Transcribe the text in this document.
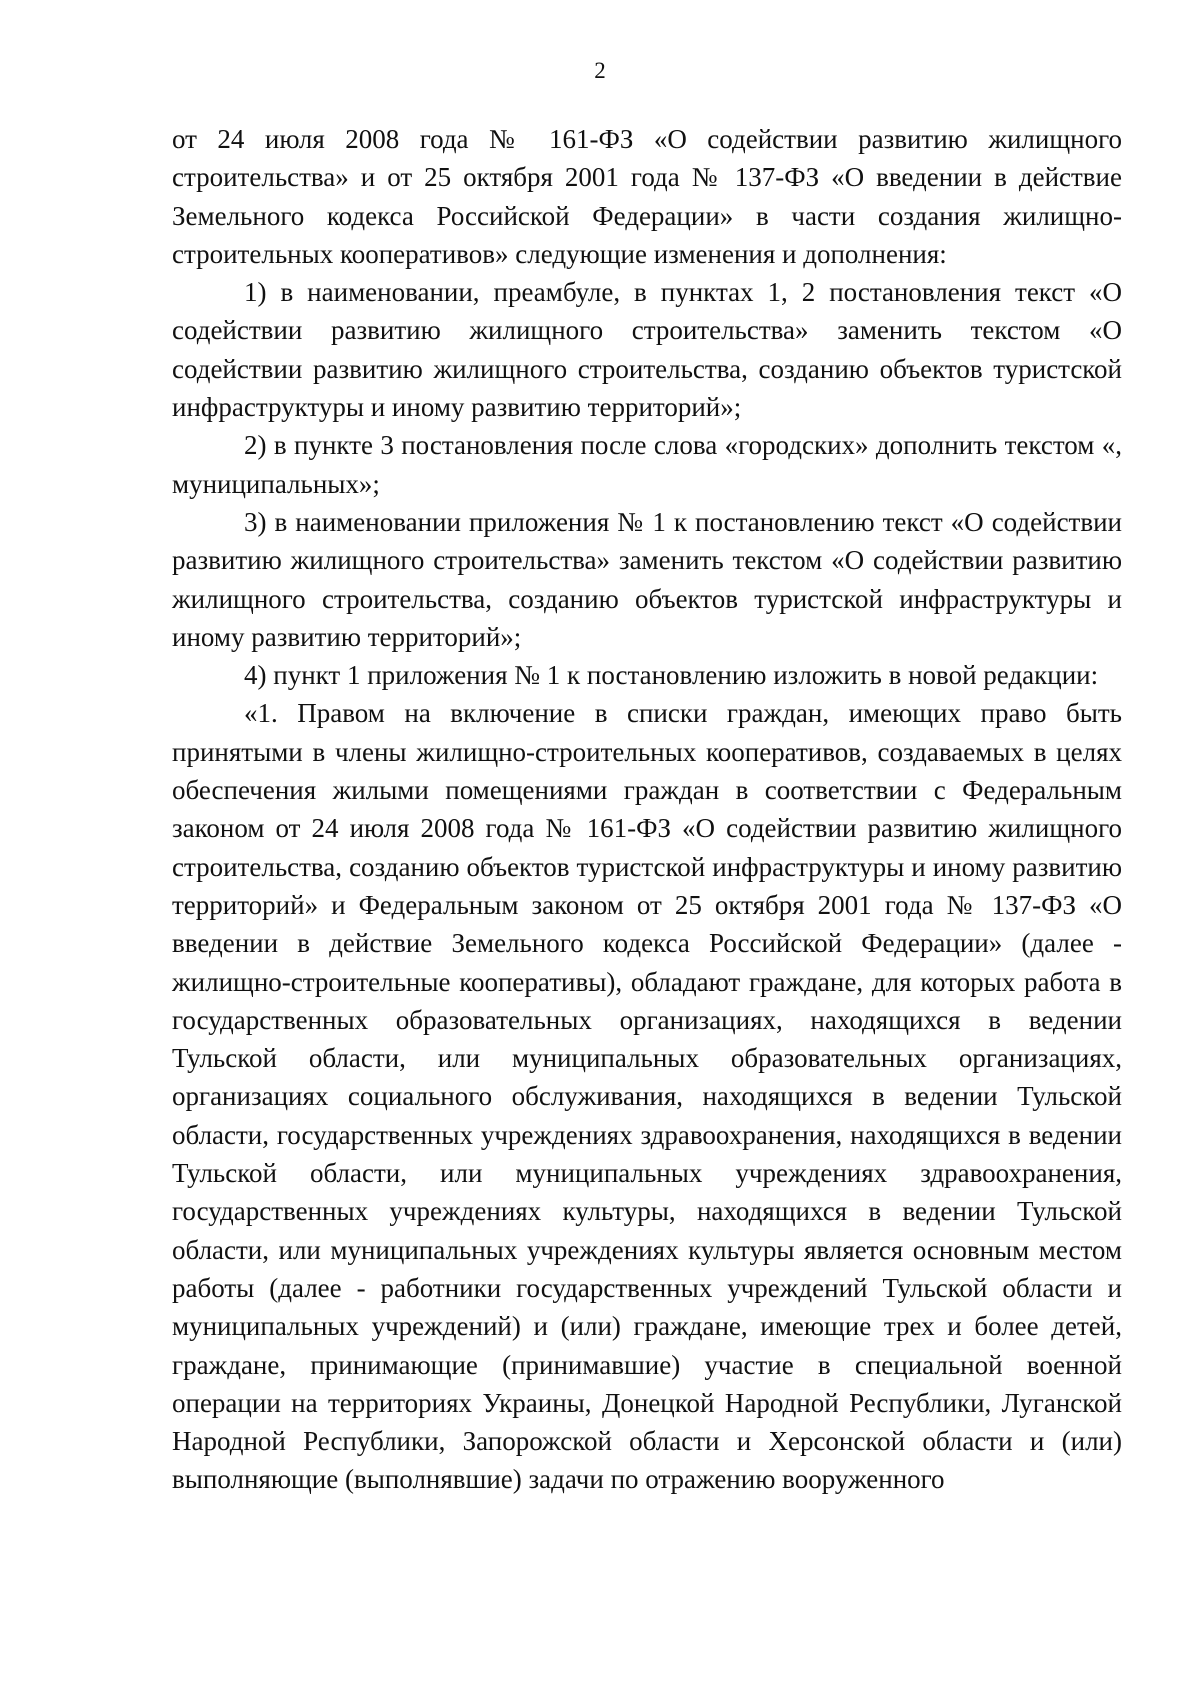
2

от 24 июля 2008 года № 161-ФЗ «О содействии развитию жилищного строительства» и от 25 октября 2001 года № 137-ФЗ «О введении в действие Земельного кодекса Российской Федерации» в части создания жилищно-строительных кооперативов» следующие изменения и дополнения:

1) в наименовании, преамбуле, в пунктах 1, 2 постановления текст «О содействии развитию жилищного строительства» заменить текстом «О содействии развитию жилищного строительства, созданию объектов туристской инфраструктуры и иному развитию территорий»;

2) в пункте 3 постановления после слова «городских» дополнить текстом «, муниципальных»;

3) в наименовании приложения № 1 к постановлению текст «О содействии развитию жилищного строительства» заменить текстом «О содействии развитию жилищного строительства, созданию объектов туристской инфраструктуры и иному развитию территорий»;

4) пункт 1 приложения № 1 к постановлению изложить в новой редакции:

«1. Правом на включение в списки граждан, имеющих право быть принятыми в члены жилищно-строительных кооперативов, создаваемых в целях обеспечения жилыми помещениями граждан в соответствии с Федеральным законом от 24 июля 2008 года № 161-ФЗ «О содействии развитию жилищного строительства, созданию объектов туристской инфраструктуры и иному развитию территорий» и Федеральным законом от 25 октября 2001 года № 137-ФЗ «О введении в действие Земельного кодекса Российской Федерации» (далее - жилищно-строительные кооперативы), обладают граждане, для которых работа в государственных образовательных организациях, находящихся в ведении Тульской области, или муниципальных образовательных организациях, организациях социального обслуживания, находящихся в ведении Тульской области, государственных учреждениях здравоохранения, находящихся в ведении Тульской области, или муниципальных учреждениях здравоохранения, государственных учреждениях культуры, находящихся в ведении Тульской области, или муниципальных учреждениях культуры является основным местом работы (далее - работники государственных учреждений Тульской области и муниципальных учреждений) и (или) граждане, имеющие трех и более детей, граждане, принимающие (принимавшие) участие в специальной военной операции на территориях Украины, Донецкой Народной Республики, Луганской Народной Республики, Запорожской области и Херсонской области и (или) выполняющие (выполнявшие) задачи по отражению вооруженного
